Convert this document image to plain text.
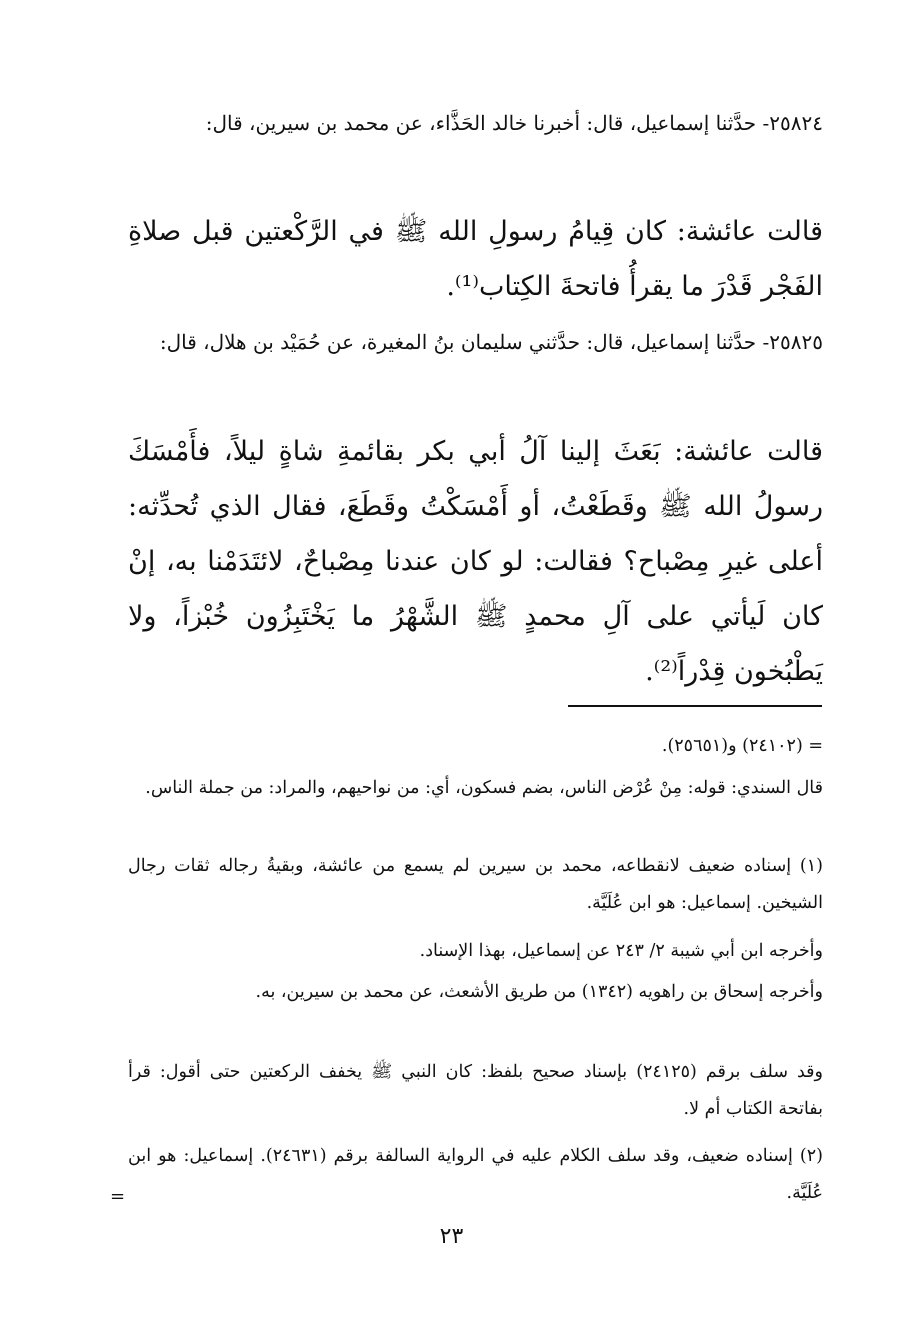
٢٥٨٢٤- حدَّثنا إسماعيل، قال: أخبرنا خالد الحَذَّاء، عن محمد بن سيرين، قال:

قالت عائشة: كان قِيامُ رسولِ الله ﷺ في الرَّكْعتين قبل صلاةِ الفَجْر قَدْرَ ما يقرأُ فاتحةَ الكِتاب⁽¹⁾.

٢٥٨٢٥- حدَّثنا إسماعيل، قال: حدَّثني سليمان بنُ المغيرة، عن حُمَيْد بن هلال، قال:

قالت عائشة: بَعَثَ إلينا آلُ أبي بكر بقائمةِ شاةٍ ليلاً، فأَمْسَكَ رسولُ الله ﷺ وقَطَعْتُ، أو أَمْسَكْتُ وقَطَعَ، فقال الذي تُحدِّثه: أعلى غيرِ مِصْباح؟ فقالت: لو كان عندنا مِصْباحٌ، لائتَدَمْنا به، إنْ كان لَيأتي على آلِ محمدٍ ﷺ الشَّهْرُ ما يَخْتَبِزُون خُبْزاً، ولا يَطْبُخون قِدْراً⁽²⁾.

= (٢٤١٠٢) و(٢٥٦٥١).

قال السندي: قوله: مِنْ عُرْض الناس، بضم فسكون، أي: من نواحيهم، والمراد: من جملة الناس.

(١) إسناده ضعيف لانقطاعه، محمد بن سيرين لم يسمع من عائشة، وبقيةُ رجاله ثقات رجال الشيخين. إسماعيل: هو ابن عُلَيَّة.

وأخرجه ابن أبي شيبة ٢/ ٢٤٣ عن إسماعيل، بهذا الإسناد.

وأخرجه إسحاق بن راهويه (١٣٤٢) من طريق الأشعث، عن محمد بن سيرين، به.

وقد سلف برقم (٢٤١٢٥) بإسناد صحيح بلفظ: كان النبي ﷺ يخفف الركعتين حتى أقول: قرأ بفاتحة الكتاب أم لا.

(٢) إسناده ضعيف، وقد سلف الكلام عليه في الرواية السالفة برقم (٢٤٦٣١). إسماعيل: هو ابن عُلَيَّة.

=
٢٣
